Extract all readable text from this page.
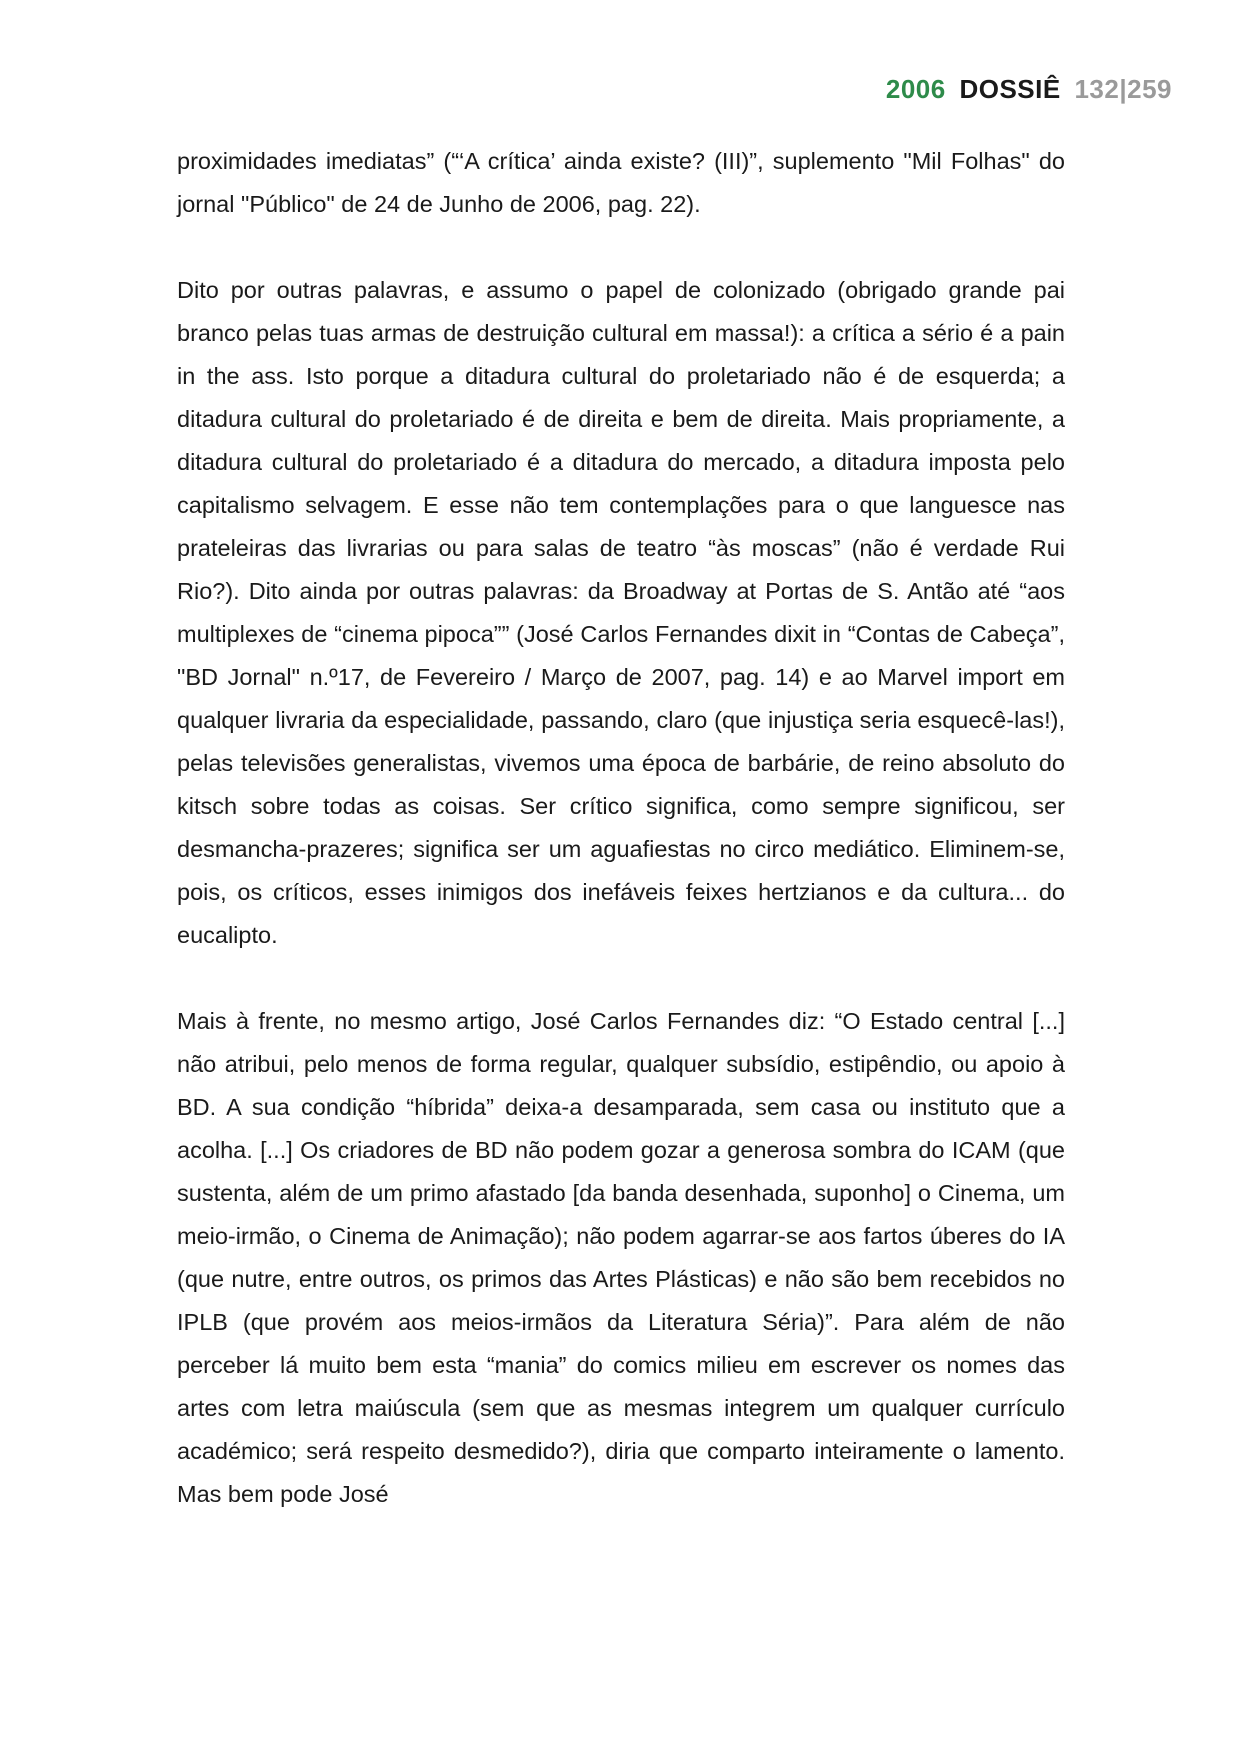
2006 DOSSIÊ 132|259

proximidades imediatas” (“‘A crítica’ ainda existe? (III)”, suplemento "Mil Folhas" do jornal "Público" de 24 de Junho de 2006, pag. 22).

Dito por outras palavras, e assumo o papel de colonizado (obrigado grande pai branco pelas tuas armas de destruição cultural em massa!): a crítica a sério é a pain in the ass. Isto porque a ditadura cultural do proletariado não é de esquerda; a ditadura cultural do proletariado é de direita e bem de direita. Mais propriamente, a ditadura cultural do proletariado é a ditadura do mercado, a ditadura imposta pelo capitalismo selvagem. E esse não tem contemplações para o que languesce nas prateleiras das livrarias ou para salas de teatro “às moscas” (não é verdade Rui Rio?). Dito ainda por outras palavras: da Broadway at Portas de S. Antão até “aos multiplexes de “cinema pipoca”” (José Carlos Fernandes dixit in “Contas de Cabeça”, "BD Jornal" n.º17, de Fevereiro / Março de 2007, pag. 14) e ao Marvel import em qualquer livraria da especialidade, passando, claro (que injustiça seria esquecê-las!), pelas televisões generalistas, vivemos uma época de barbárie, de reino absoluto do kitsch sobre todas as coisas. Ser crítico significa, como sempre significou, ser desmancha-prazeres; significa ser um aguafiestas no circo mediático. Eliminem-se, pois, os críticos, esses inimigos dos inefáveis feixes hertzianos e da cultura... do eucalipto.

Mais à frente, no mesmo artigo, José Carlos Fernandes diz: “O Estado central [...] não atribui, pelo menos de forma regular, qualquer subsídio, estipêndio, ou apoio à BD. A sua condição “híbrida” deixa-a desamparada, sem casa ou instituto que a acolha. [...] Os criadores de BD não podem gozar a generosa sombra do ICAM (que sustenta, além de um primo afastado [da banda desenhada, suponho] o Cinema, um meio-irmão, o Cinema de Animação); não podem agarrar-se aos fartos úberes do IA (que nutre, entre outros, os primos das Artes Plásticas) e não são bem recebidos no IPLB (que provém aos meios-irmãos da Literatura Séria)”. Para além de não perceber lá muito bem esta “mania” do comics milieu em escrever os nomes das artes com letra maiúscula (sem que as mesmas integrem um qualquer currículo académico; será respeito desmedido?), diria que comparto inteiramente o lamento. Mas bem pode José
